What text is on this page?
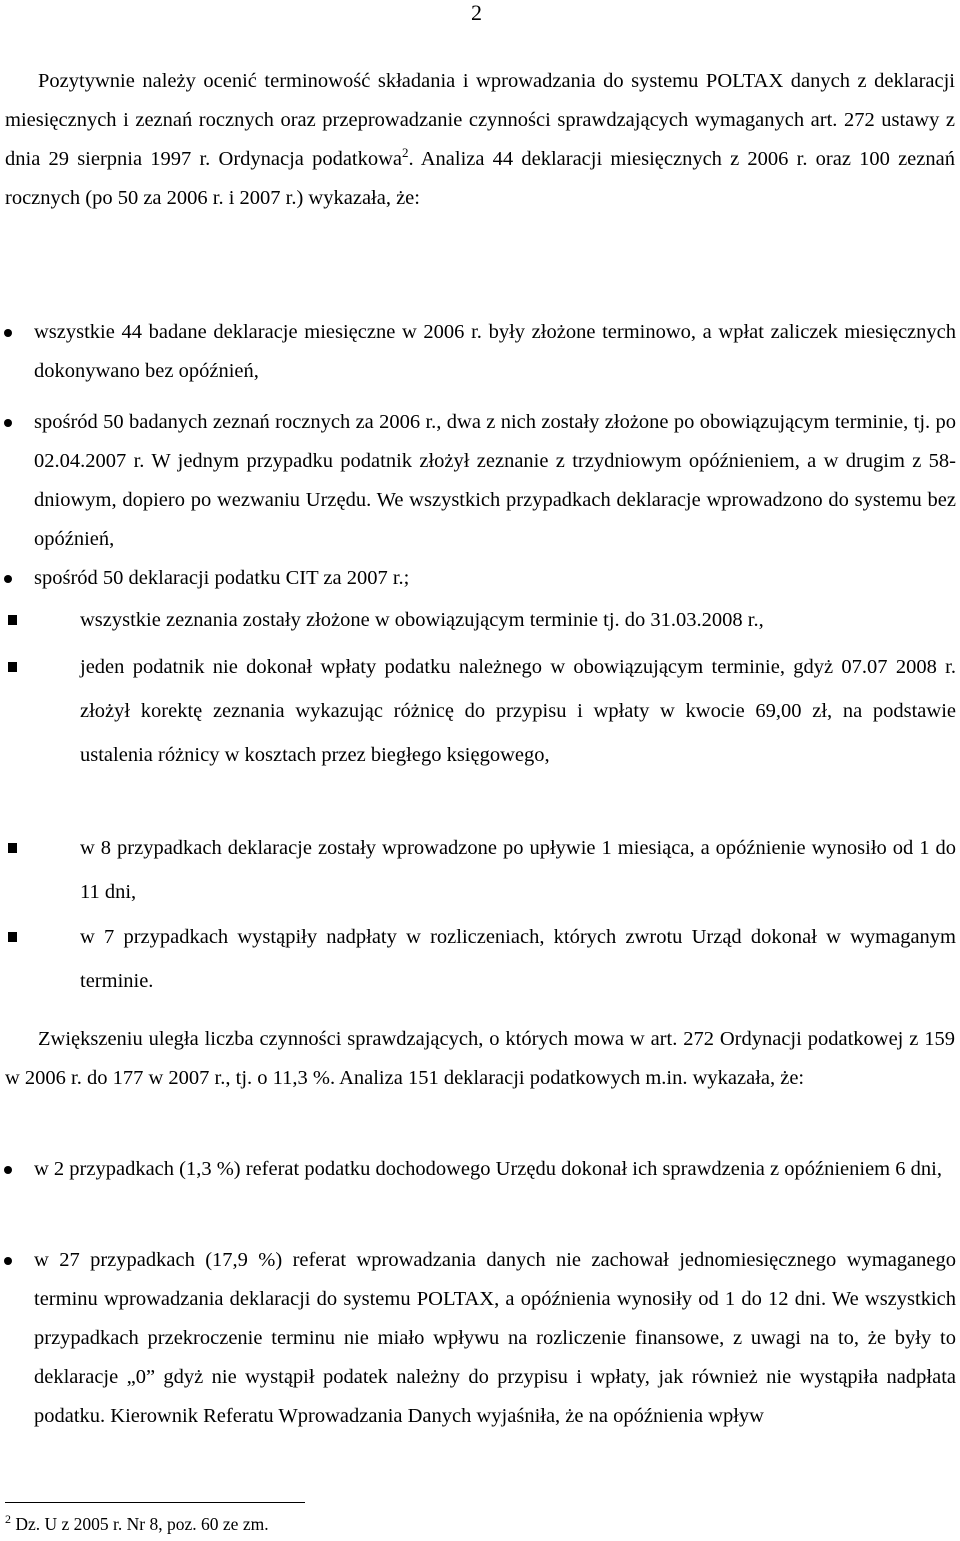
2
Pozytywnie należy ocenić terminowość składania i wprowadzania do systemu POLTAX danych z deklaracji miesięcznych i zeznań rocznych oraz przeprowadzanie czynności sprawdzających wymaganych art. 272 ustawy z dnia 29 sierpnia 1997 r. Ordynacja podatkowa$^2$. Analiza 44 deklaracji miesięcznych z 2006 r. oraz 100 zeznań rocznych (po 50 za 2006 r. i 2007 r.) wykazała, że:
wszystkie 44 badane deklaracje miesięczne w 2006 r. były złożone terminowo, a wpłat zaliczek miesięcznych dokonywano bez opóźnień,
spośród 50 badanych zeznań rocznych za 2006 r., dwa z nich zostały złożone po obowiązującym terminie, tj. po 02.04.2007 r. W jednym przypadku podatnik złożył zeznanie z trzydniowym opóźnieniem, a w drugim z 58-dniowym, dopiero po wezwaniu Urzędu. We wszystkich przypadkach deklaracje wprowadzono do systemu bez opóźnień,
spośród 50 deklaracji podatku CIT za 2007 r.;
wszystkie zeznania zostały złożone w obowiązującym terminie tj. do 31.03.2008 r.,
jeden podatnik nie dokonał wpłaty podatku należnego w obowiązującym terminie, gdyż 07.07 2008 r. złożył korektę zeznania wykazując różnicę do przypisu i wpłaty w kwocie 69,00 zł, na podstawie ustalenia różnicy w kosztach przez biegłego księgowego,
w 8 przypadkach deklaracje zostały wprowadzone po upływie 1 miesiąca, a opóźnienie wynosiło od 1 do 11 dni,
w 7 przypadkach wystąpiły nadpłaty w rozliczeniach, których zwrotu Urząd dokonał w wymaganym terminie.
Zwiększeniu uległa liczba czynności sprawdzających, o których mowa w art. 272 Ordynacji podatkowej z 159 w 2006 r. do 177 w 2007 r., tj. o 11,3 %. Analiza 151 deklaracji podatkowych m.in. wykazała, że:
w 2 przypadkach (1,3 %) referat podatku dochodowego Urzędu dokonał ich sprawdzenia z opóźnieniem 6 dni,
w 27 przypadkach (17,9 %) referat wprowadzania danych nie zachował jednomiesięcznego wymaganego terminu wprowadzania deklaracji do systemu POLTAX, a opóźnienia wynosiły od 1 do 12 dni. We wszystkich przypadkach przekroczenie terminu nie miało wpływu na rozliczenie finansowe, z uwagi na to, że były to deklaracje „0” gdyż nie wystąpił podatek należny do przypisu i wpłaty, jak również nie wystąpiła nadpłata podatku. Kierownik Referatu Wprowadzania Danych wyjaśniła, że na opóźnienia wpływ
$^2$ Dz. U z 2005 r. Nr 8, poz. 60 ze zm.
